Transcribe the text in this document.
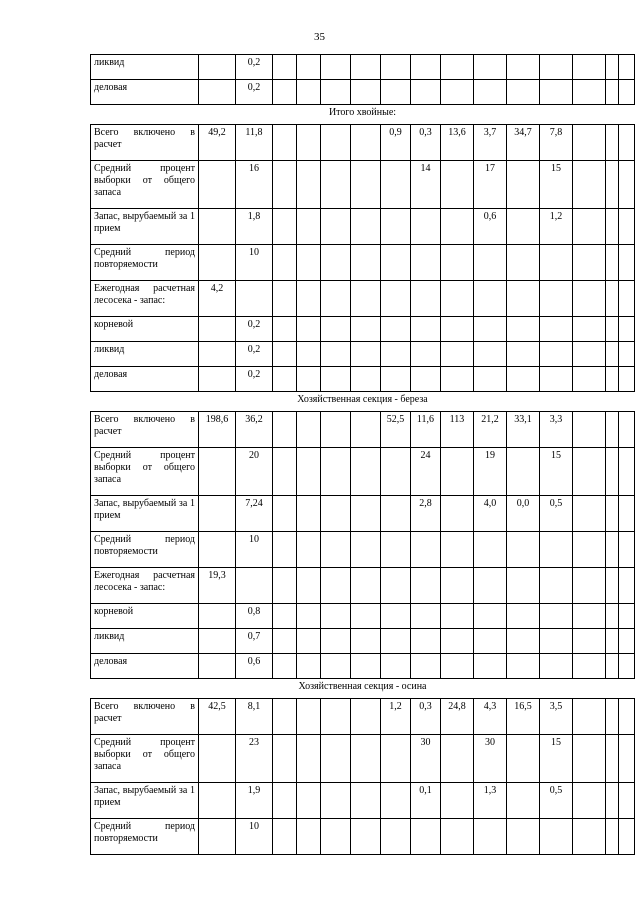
35
ликвид		0,2													
деловая		0,2													
Итого хвойные:															
Всего включено в расчет	49,2	11,8					0,9	0,3	13,6	3,7	34,7	7,8			
Средний процент выборки от общего запаса		16						14		17		15			
Запас, вырубаемый за 1 прием		1,8								0,6		1,2			
Средний период повторяемости		10													
Ежегодная расчетная лесосека - запас:	4,2														
корневой		0,2													
ликвид		0,2													
деловая		0,2													
Хозяйственная секция - береза															
Всего включено в расчет	198,6	36,2					52,5	11,6	113	21,2	33,1	3,3			
Средний процент выборки от общего запаса		20						24		19		15			
Запас, вырубаемый за 1 прием		7,24						2,8		4,0	0,0	0,5			
Средний период повторяемости		10													
Ежегодная расчетная лесосека - запас:	19,3														
корневой		0,8													
ликвид		0,7													
деловая		0,6													
Хозяйственная секция - осина															
Всего включено в расчет	42,5	8,1					1,2	0,3	24,8	4,3	16,5	3,5			
Средний процент выборки от общего запаса		23						30		30		15			
Запас, вырубаемый за 1 прием		1,9						0,1		1,3		0,5			
Средний период повторяемости		10													
